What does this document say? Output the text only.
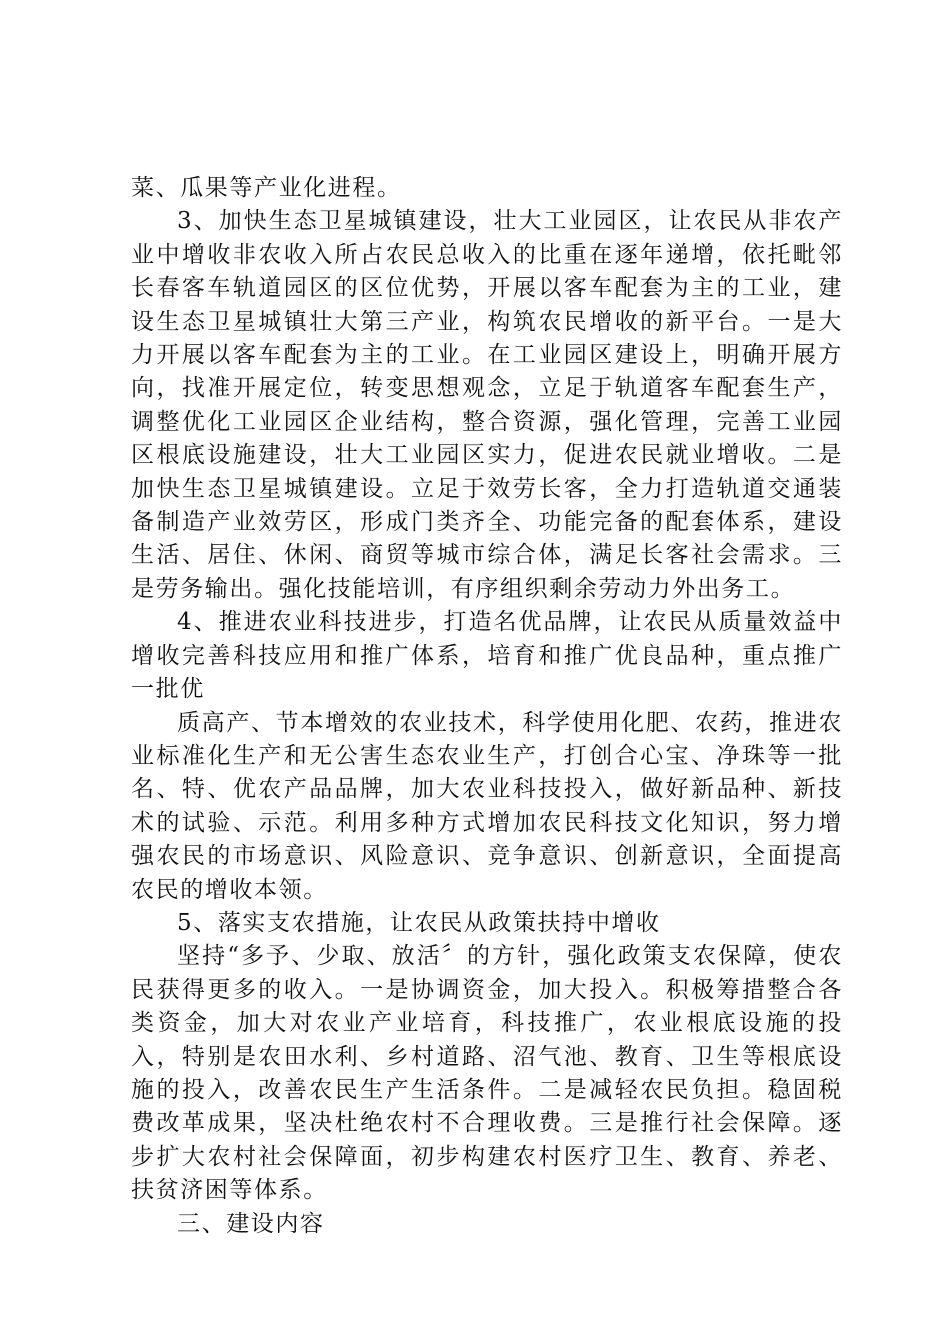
菜、瓜果等产业化进程。

3、加快生态卫星城镇建设，壮大工业园区，让农民从非农产业中增收非农收入所占农民总收入的比重在逐年递增，依托毗邻长春客车轨道园区的区位优势，开展以客车配套为主的工业，建设生态卫星城镇壮大第三产业，构筑农民增收的新平台。一是大力开展以客车配套为主的工业。在工业园区建设上，明确开展方向，找准开展定位，转变思想观念，立足于轨道客车配套生产，调整优化工业园区企业结构，整合资源，强化管理，完善工业园区根底设施建设，壮大工业园区实力，促进农民就业增收。二是加快生态卫星城镇建设。立足于效劳长客，全力打造轨道交通装备制造产业效劳区，形成门类齐全、功能完备的配套体系，建设生活、居住、休闲、商贸等城市综合体，满足长客社会需求。三是劳务输出。强化技能培训，有序组织剩余劳动力外出务工。

4、推进农业科技进步，打造名优品牌，让农民从质量效益中增收完善科技应用和推广体系，培育和推广优良品种，重点推广一批优

质高产、节本增效的农业技术，科学使用化肥、农药，推进农业标准化生产和无公害生态农业生产，打创合心宝、净珠等一批名、特、优农产品品牌，加大农业科技投入，做好新品种、新技术的试验、示范。利用多种方式增加农民科技文化知识，努力增强农民的市场意识、风险意识、竞争意识、创新意识，全面提高农民的增收本领。

5、落实支农措施，让农民从政策扶持中增收

坚持“多予、少取、放活〞的方针，强化政策支农保障，使农民获得更多的收入。一是协调资金，加大投入。积极筹措整合各类资金，加大对农业产业培育，科技推广，农业根底设施的投入，特别是农田水利、乡村道路、沼气池、教育、卫生等根底设施的投入，改善农民生产生活条件。二是减轻农民负担。稳固税费改革成果，坚决杜绝农村不合理收费。三是推行社会保障。逐步扩大农村社会保障面，初步构建农村医疗卫生、教育、养老、扶贫济困等体系。

三、建设内容
